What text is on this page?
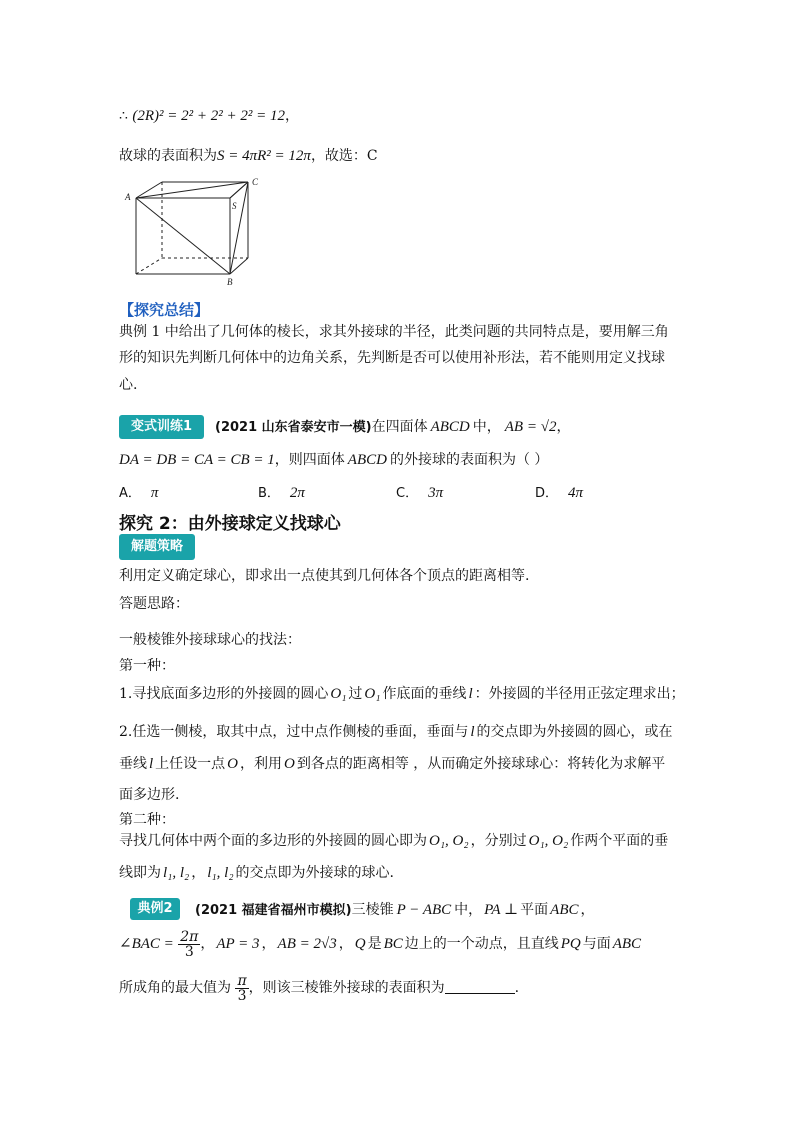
∴ (2R)² = 2² + 2² + 2² = 12，
故球的表面积为S = 4πR² = 12π，故选：C
A
C
S
B
【探究总结】
典例 1 中给出了几何体的棱长，求其外接球的半径，此类问题的共同特点是，要用解三角
形的知识先判断几何体中的边角关系，先判断是否可以使用补形法，若不能则用定义找球
心.
变式训练1	(2021 山东省泰安市一模)在四面体 ABCD 中， AB = √2，
DA = DB = CA = CB = 1，则四面体 ABCD 的外接球的表面积为（ ）
A． π	B． 2π	C． 3π	D． 4π
探究 2：由外接球定义找球心
解题策略
利用定义确定球心，即求出一点使其到几何体各个顶点的距离相等.
答题思路：
一般棱锥外接球球心的找法：
第一种：
1.寻找底面多边形的外接圆的圆心 O₁ 过 O₁ 作底面的垂线 l ：外接圆的半径用正弦定理求出；
2.任选一侧棱，取其中点，过中点作侧棱的垂面，垂面与 l 的交点即为外接圆的圆心，或在
垂线 l 上任设一点 O ，利用 O 到各点的距离相等 ，从而确定外接球球心：将转化为求解平
面多边形.
第二种：
寻找几何体中两个面的多边形的外接圆的圆心即为 O₁, O₂ ，分别过 O₁, O₂ 作两个平面的垂
线即为 l₁, l₂ ， l₁, l₂ 的交点即为外接球的球心.
典例2	(2021 福建省福州市模拟)三棱锥 P − ABC 中， PA ⊥ 平面 ABC ，
∠BAC = $\frac{2\pi}{3}$ ， AP = 3 ， AB = 2√3 ， Q 是 BC 边上的一个动点，且直线 PQ 与面 ABC
所成角的最大值为 $\frac{\pi}{3}$ ，则该三棱锥外接球的表面积为	.
